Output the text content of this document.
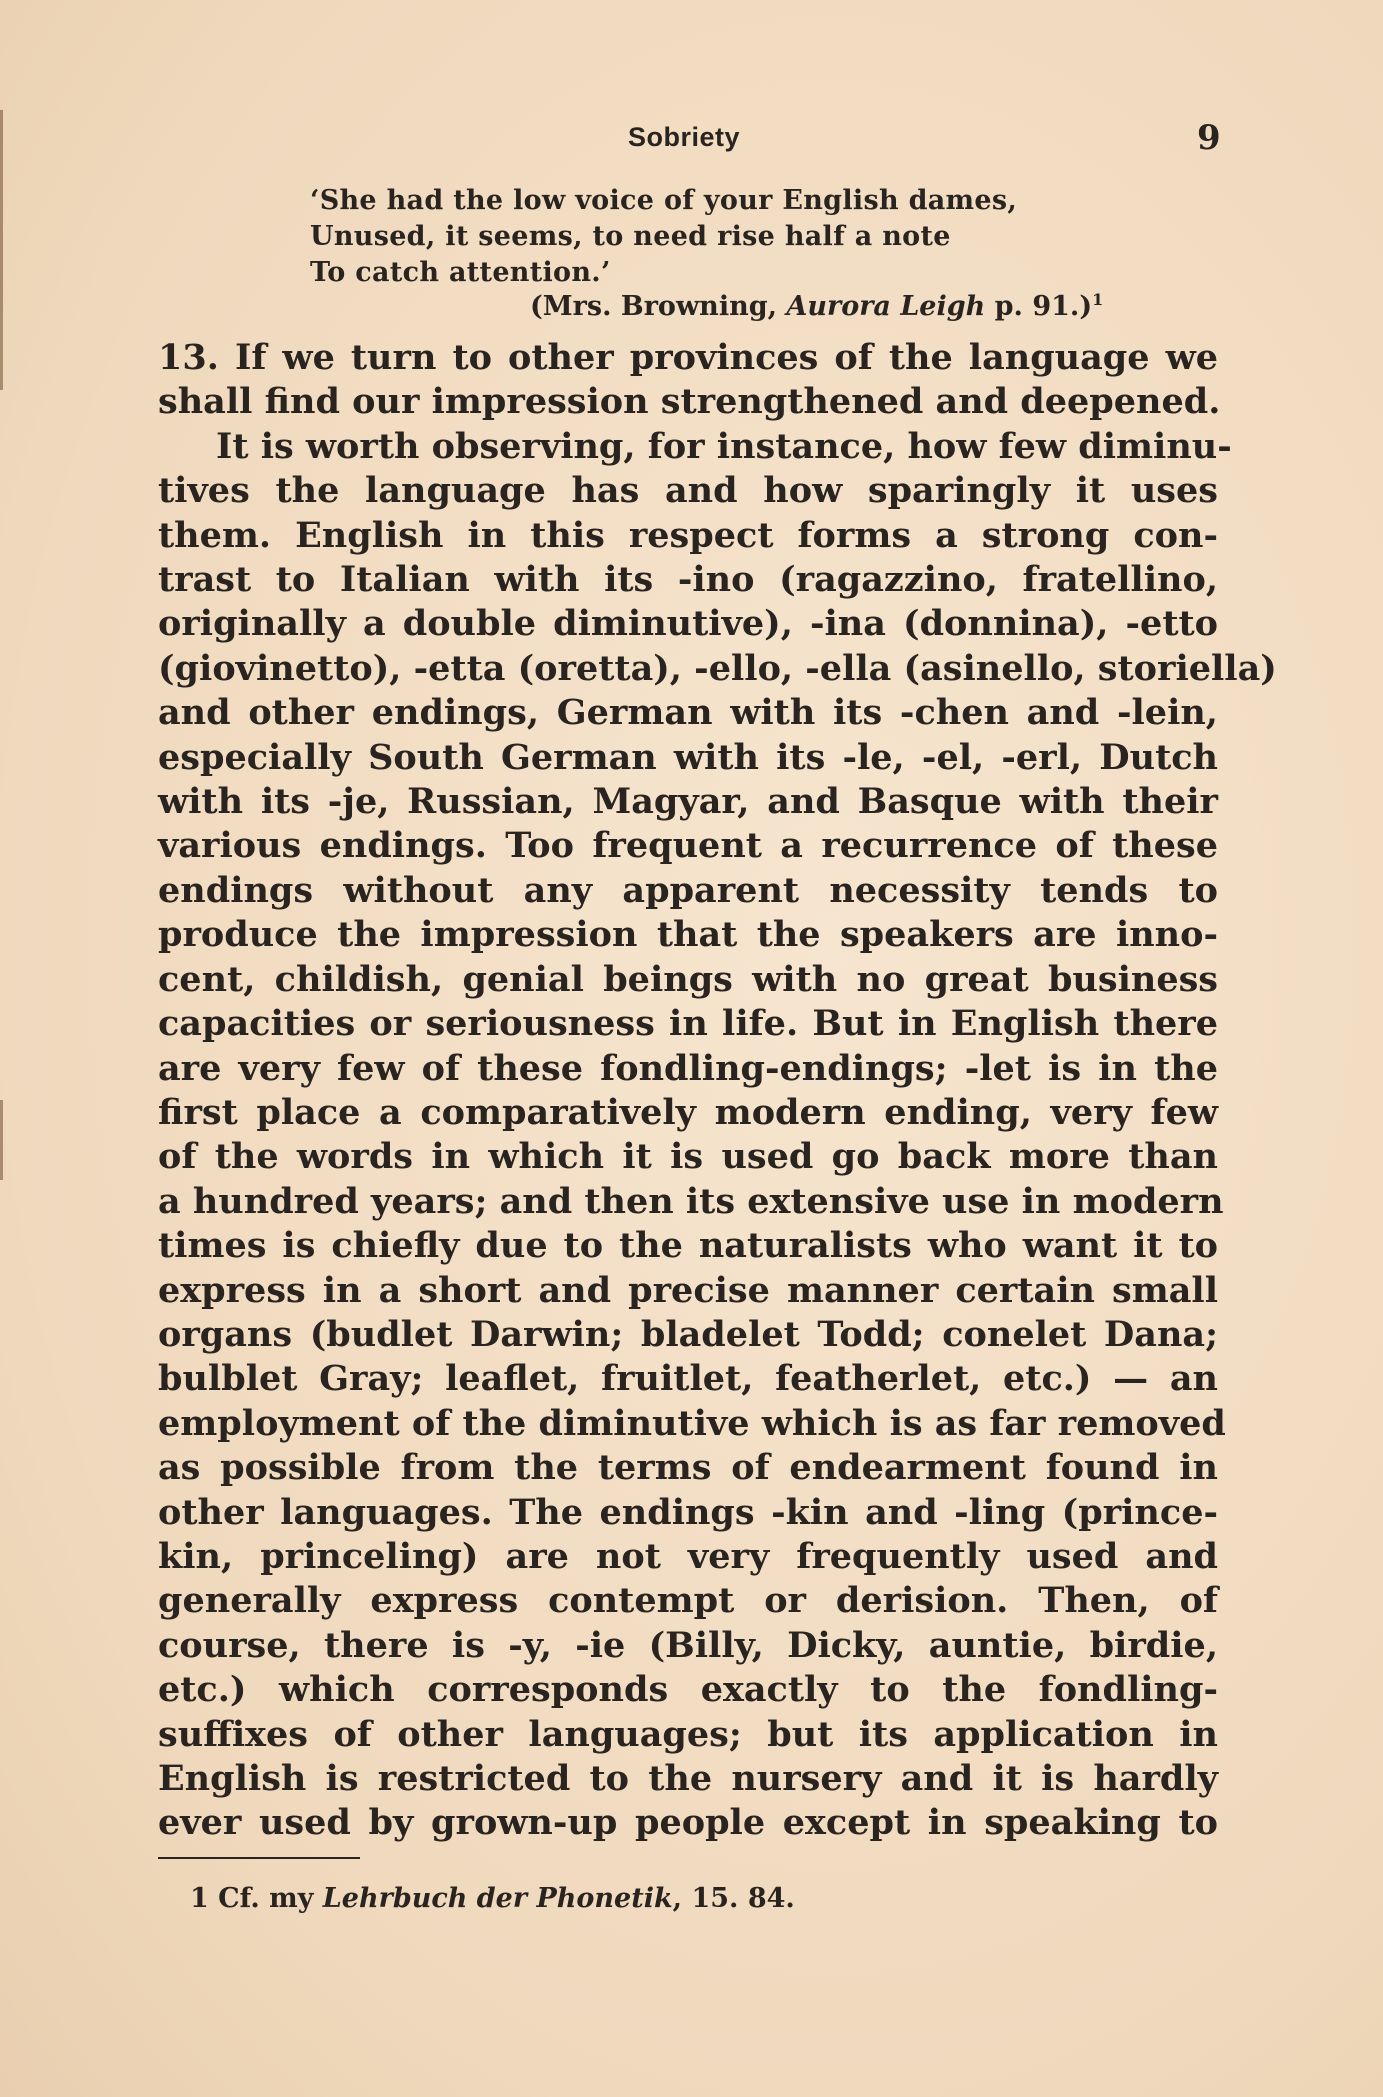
Sobriety	9
‘She had the low voice of your English dames,
Unused, it seems, to need rise half a note
To catch attention.’
(Mrs. Browning, Aurora Leigh p. 91.)$^1$
13. If we turn to other provinces of the language we
shall find our impression strengthened and deepened.
It is worth observing, for instance, how few diminu-
tives the language has and how sparingly it uses
them. English in this respect forms a strong con-
trast to Italian with its -ino (ragazzino, fratellino,
originally a double diminutive), -ina (donnina), -etto
(giovinetto), -etta (oretta), -ello, -ella (asinello, storiella)
and other endings, German with its -chen and -lein,
especially South German with its -le, -el, -erl, Dutch
with its -je, Russian, Magyar, and Basque with their
various endings. Too frequent a recurrence of these
endings without any apparent necessity tends to
produce the impression that the speakers are inno-
cent, childish, genial beings with no great business
capacities or seriousness in life. But in English there
are very few of these fondling-endings; -let is in the
first place a comparatively modern ending, very few
of the words in which it is used go back more than
a hundred years; and then its extensive use in modern
times is chiefly due to the naturalists who want it to
express in a short and precise manner certain small
organs (budlet Darwin; bladelet Todd; conelet Dana;
bulblet Gray; leaflet, fruitlet, featherlet, etc.) — an
employment of the diminutive which is as far removed
as possible from the terms of endearment found in
other languages. The endings -kin and -ling (prince-
kin, princeling) are not very frequently used and
generally express contempt or derision. Then, of
course, there is -y, -ie (Billy, Dicky, auntie, birdie,
etc.) which corresponds exactly to the fondling-
suffixes of other languages; but its application in
English is restricted to the nursery and it is hardly
ever used by grown-up people except in speaking to
1 Cf. my Lehrbuch der Phonetik, 15. 84.
